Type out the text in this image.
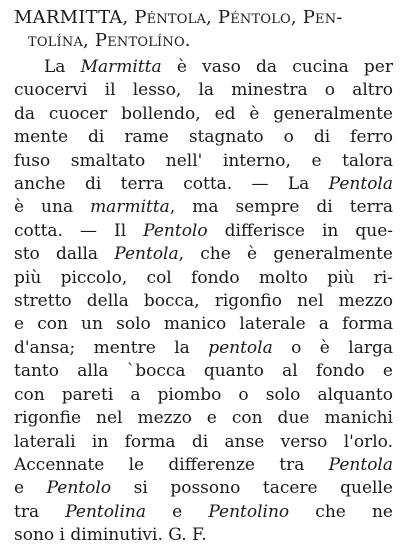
MARMITTA, Péntola, Péntolo, Pen-
tolína, Pentolíno.
La Marmitta è vaso da cucina per
cuocervi il lesso, la minestra o altro
da cuocer bollendo, ed è generalmente
mente di rame stagnato o di ferro
fuso smaltato nell' interno, e talora
anche di terra cotta. — La Pentola
è una marmitta, ma sempre di terra
cotta. — Il Pentolo differisce in que-
sto dalla Pentola, che è generalmente
più piccolo, col fondo molto più ri-
stretto della bocca, rigonfio nel mezzo
e con un solo manico laterale a forma
d'ansa; mentre la pentola o è larga
tanto alla `bocca quanto al fondo e
con pareti a piombo o solo alquanto
rigonfie nel mezzo e con due manichi
laterali in forma di anse verso l'orlo.
Accennate le differenze tra Pentola
e Pentolo si possono tacere quelle
tra Pentolina e Pentolino che ne
sono i diminutivi. G. F.
